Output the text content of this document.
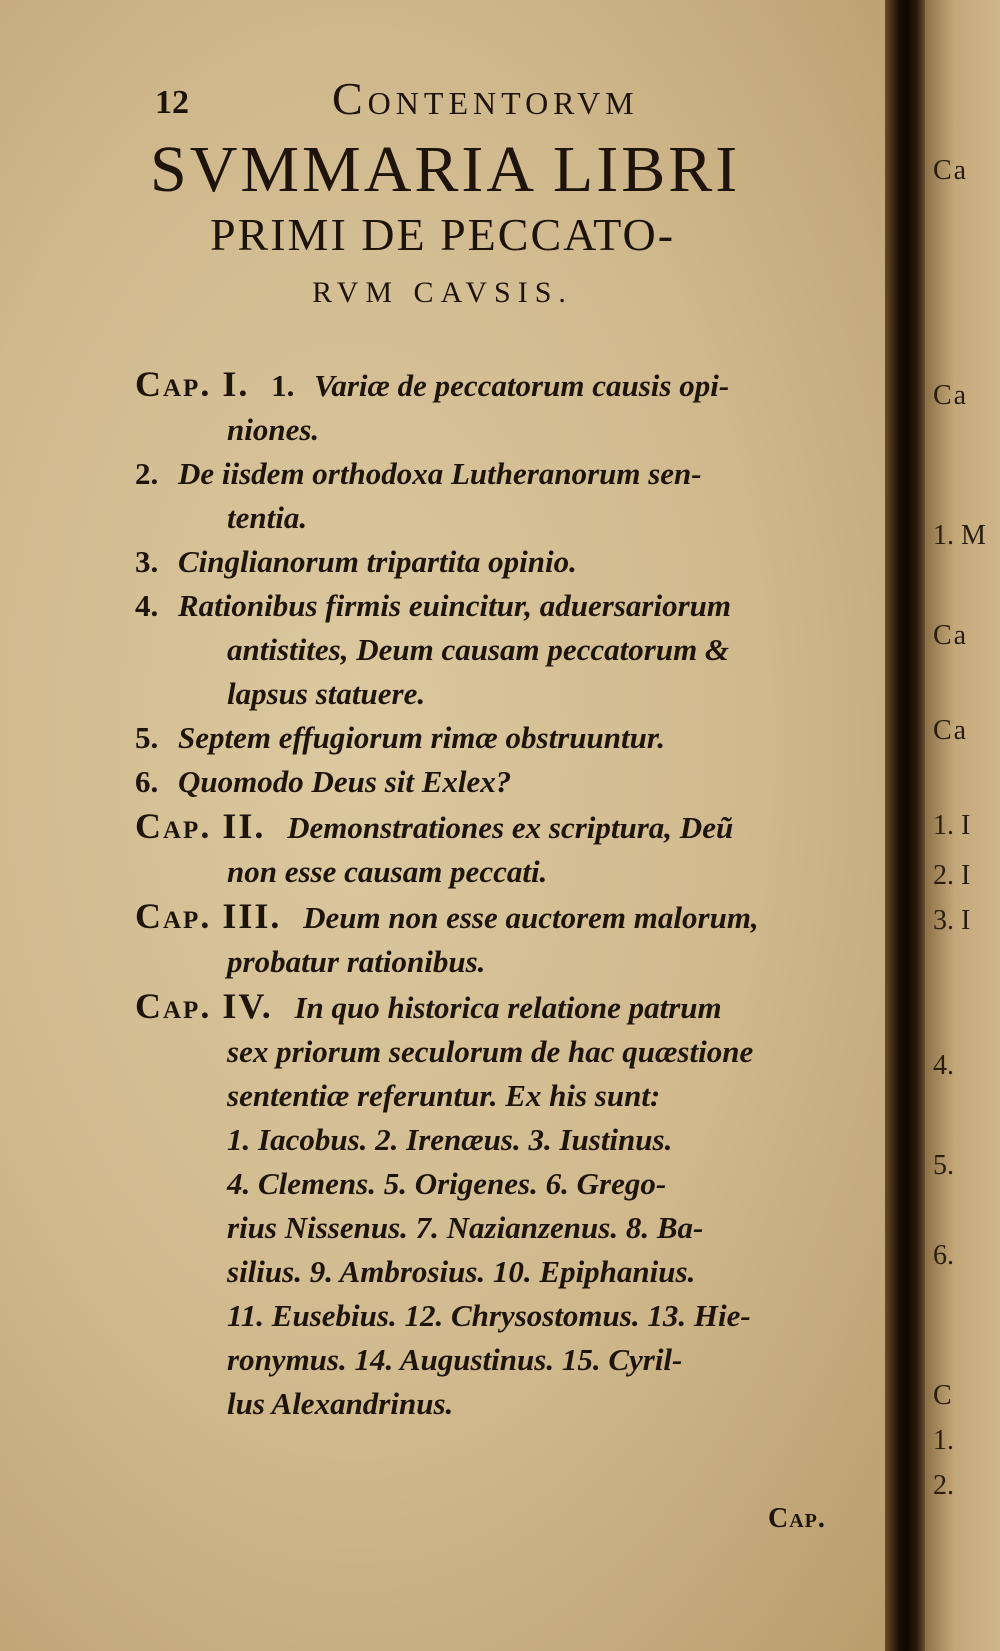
12	Contentorvm
SVMMARIA LIBRI
PRIMI DE PECCATO-
RVM CAVSIS.
Cap. I. 1. Variæ de peccatorum causis opi-
niones.
2. De iisdem orthodoxa Lutheranorum sen-
tentia.
3. Cinglianorum tripartita opinio.
4. Rationibus firmis euincitur, aduersariorum
antistites, Deum causam peccatorum &
lapsus statuere.
5. Septem effugiorum rimæ obstruuntur.
6. Quomodo Deus sit Exlex?
Cap. II. Demonstrationes ex scriptura, Deũ
non esse causam peccati.
Cap. III. Deum non esse auctorem malorum,
probatur rationibus.
Cap. IV. In quo historica relatione patrum
sex priorum seculorum de hac quæstione
sententiæ referuntur. Ex his sunt:
1. Iacobus. 2. Irenæus. 3. Iustinus.
4. Clemens. 5. Origenes. 6. Grego-
rius Nissenus. 7. Nazianzenus. 8. Ba-
silius. 9. Ambrosius. 10. Epiphanius.
11. Eusebius. 12. Chrysostomus. 13. Hie-
ronymus. 14. Augustinus. 15. Cyril-
lus Alexandrinus.
Cap.
Ca
Ca
1. M
Ca
Ca
1. I
2. I
3. I
4.
5.
6.
C
1.
2.
